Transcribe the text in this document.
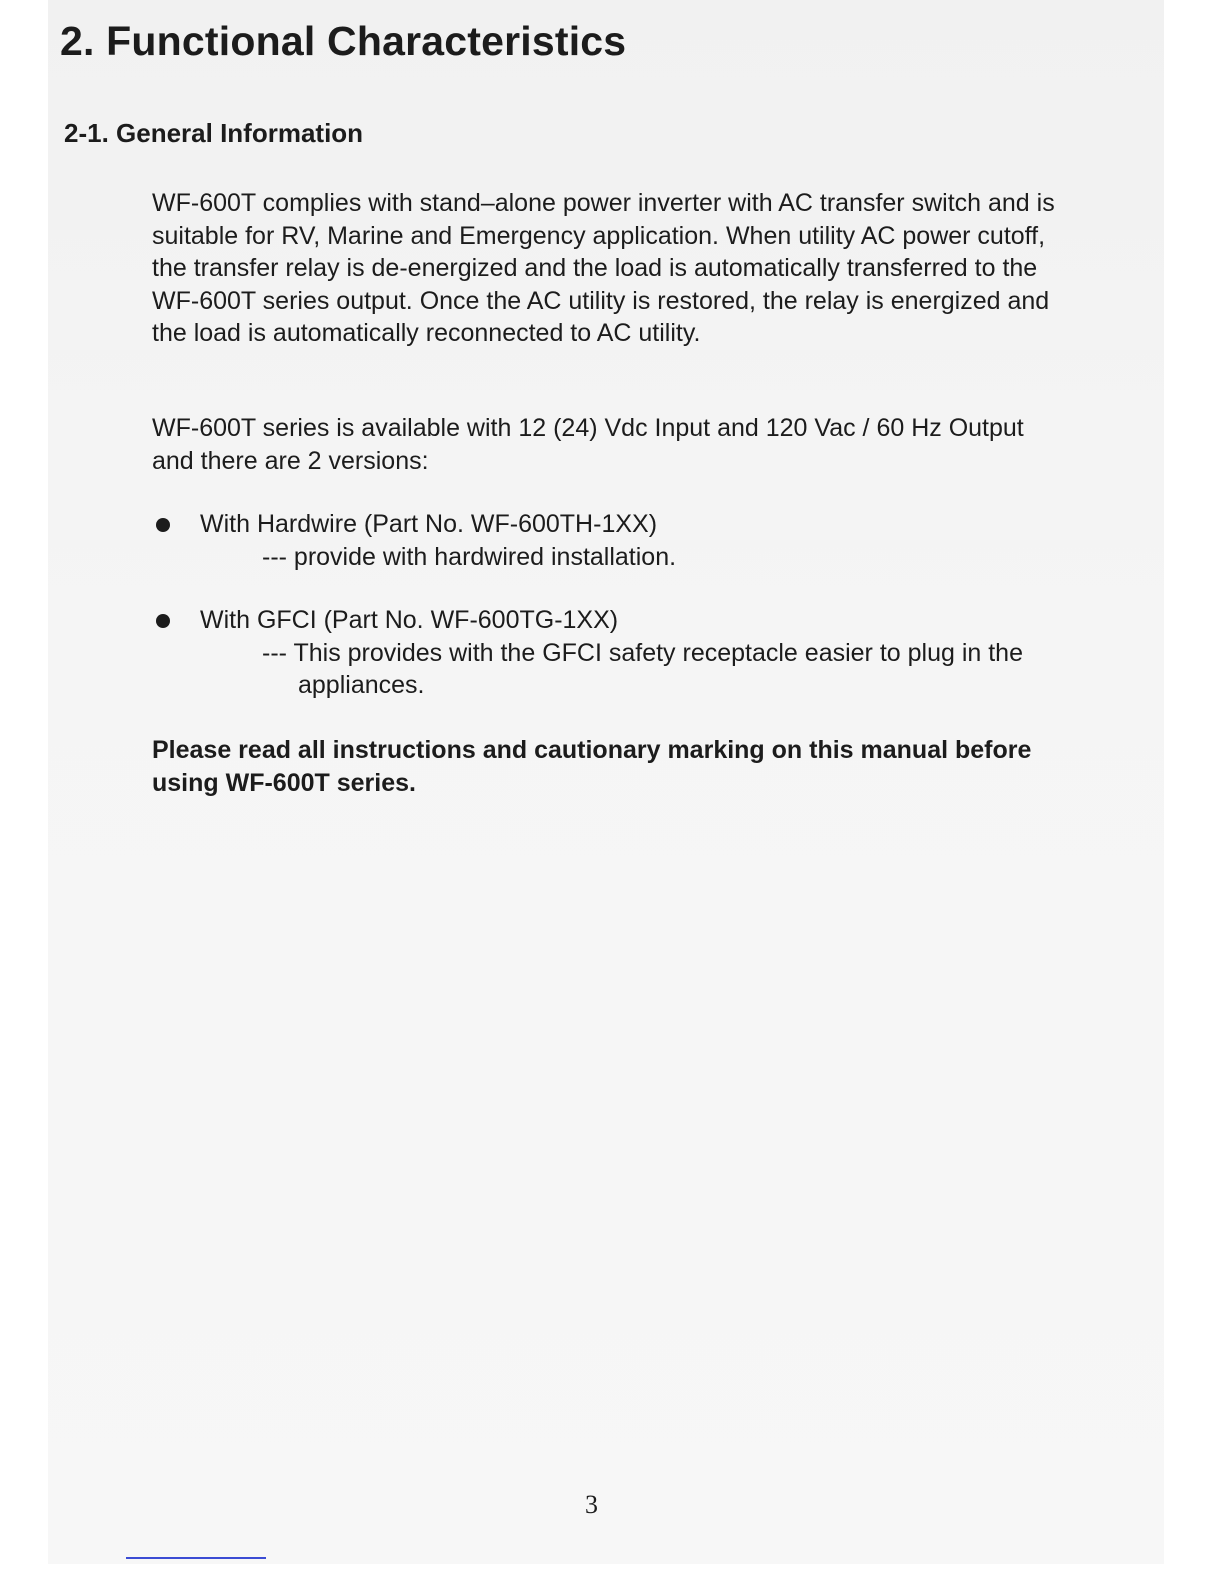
2. Functional Characteristics
2-1. General Information

WF-600T complies with stand–alone power inverter with AC transfer switch and is suitable for RV, Marine and Emergency application. When utility AC power cutoff, the transfer relay is de-energized and the load is automatically transferred to the WF-600T series output. Once the AC utility is restored, the relay is energized and the load is automatically reconnected to AC utility.

WF-600T series is available with 12 (24) Vdc Input and 120 Vac / 60 Hz Output and there are 2 versions:

With Hardwire (Part No. WF-600TH-1XX)
--- provide with hardwired installation.
With GFCI (Part No. WF-600TG-1XX)
--- This provides with the GFCI safety receptacle easier to plug in the appliances.

Please read all instructions and cautionary marking on this manual before using WF-600T series.

3
